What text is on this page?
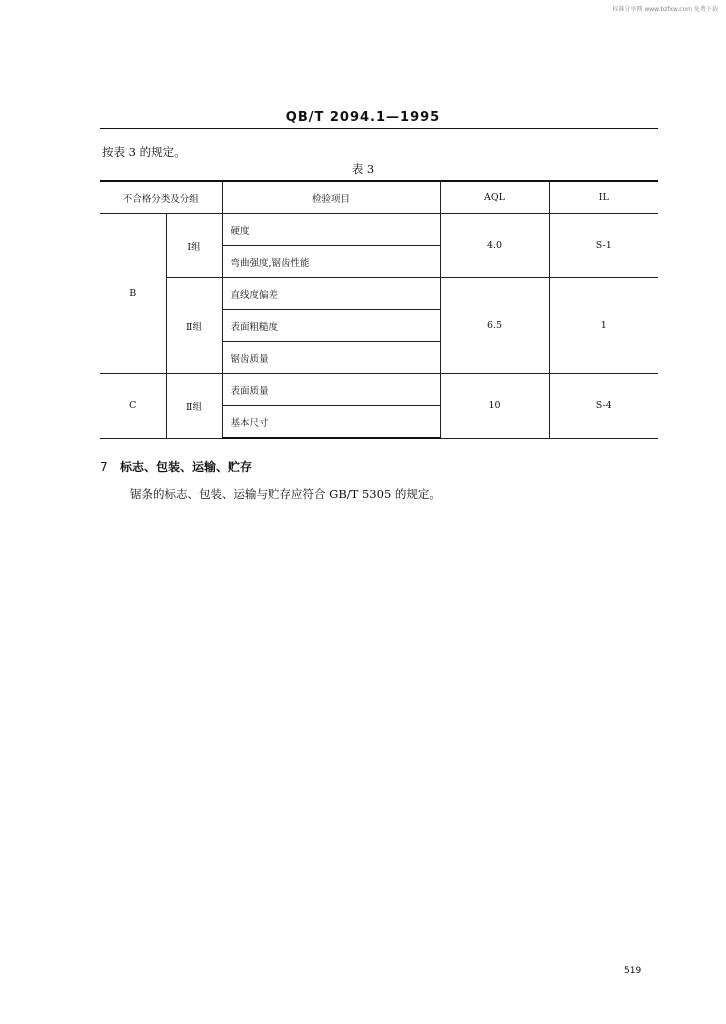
标准分享网 www.bzfxw.com 免费下载
QB/T 2094.1—1995
按表 3 的规定。
表 3
不合格分类及分组		检验项目	AQL	IL
B	Ⅰ组	硬度	4.0	S-1
		弯曲强度,锯齿性能		
	Ⅱ组	直线度偏差	6.5	1
		表面粗糙度		
		锯齿质量		
C	Ⅱ组	表面质量	10	S-4
		基本尺寸		
7 标志、包装、运输、贮存
锯条的标志、包装、运输与贮存应符合 GB/T 5305 的规定。
519
